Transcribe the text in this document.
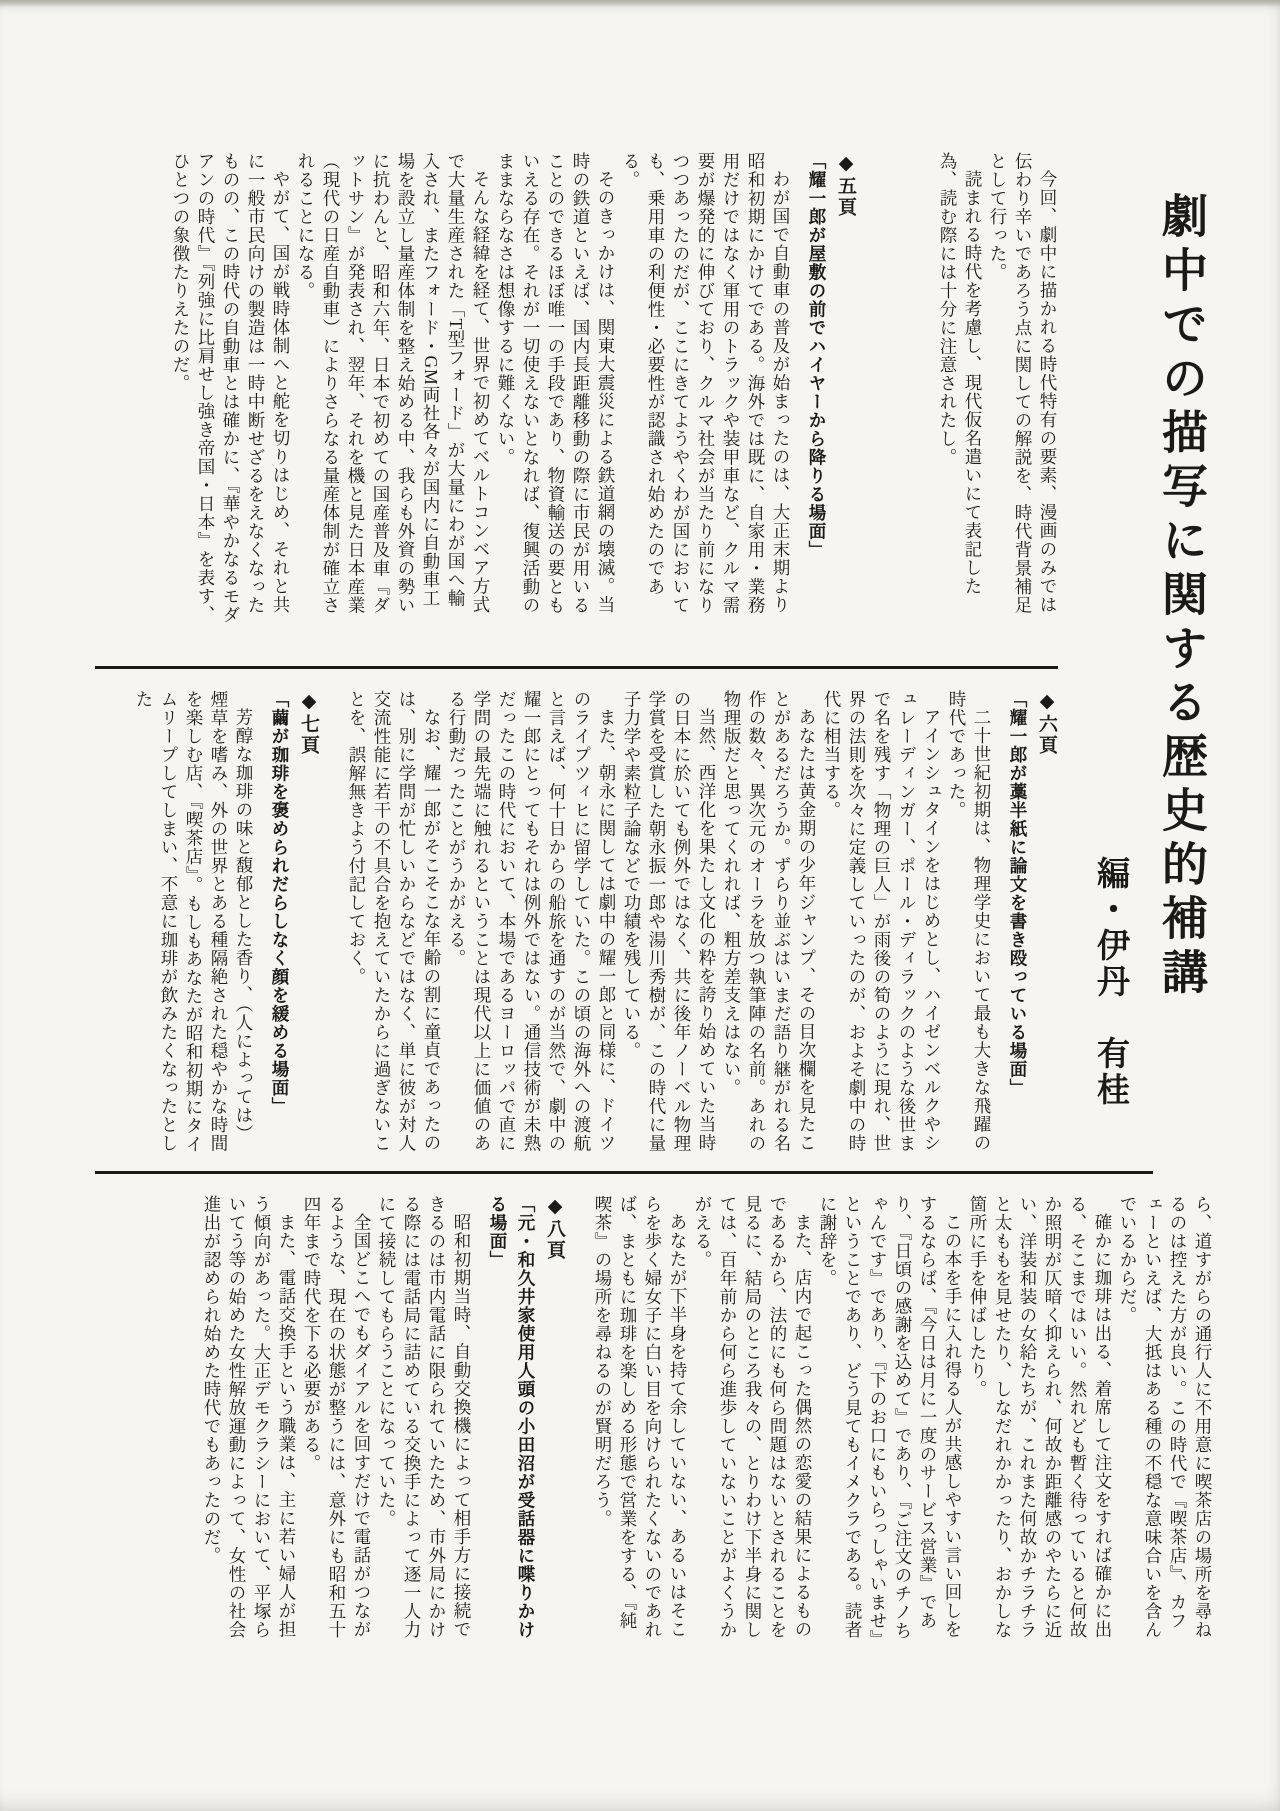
劇中での描写に関する歴史的補講
編・伊丹　有桂

今回、劇中に描かれる時代特有の要素、漫画のみでは伝わり辛いであろう点に関しての解説を、時代背景補足として行った。

読まれる時代を考慮し、現代仮名遣いにて表記した為、読む際には十分に注意されたし。

◆五頁
「耀一郎が屋敷の前でハイヤーから降りる場面」

わが国で自動車の普及が始まったのは、大正末期より昭和初期にかけてである。海外では既に、自家用・業務用だけではなく軍用のトラックや装甲車など、クルマ需要が爆発的に伸びており、クルマ社会が当たり前になりつつあったのだが、ここにきてようやくわが国においても、乗用車の利便性・必要性が認識され始めたのである。

そのきっかけは、関東大震災による鉄道網の壊滅。当時の鉄道といえば、国内長距離移動の際に市民が用いることのできるほぼ唯一の手段であり、物資輸送の要ともいえる存在。それが一切使えないとなれば、復興活動のままならなさは想像するに難くない。

そんな経緯を経て、世界で初めてベルトコンベア方式で大量生産された「T型フォード」が大量にわが国へ輸入され、またフォード・GM両社各々が国内に自動車工場を設立し量産体制を整え始める中、我らも外資の勢いに抗わんと、昭和六年、日本で初めての国産普及車『ダットサン』が発表され、翌年、それを機と見た日本産業（現代の日産自動車）によりさらなる量産体制が確立されることになる。

やがて、国が戦時体制へと舵を切りはじめ、それと共に一般市民向けの製造は一時中断せざるをえなくなったものの、この時代の自動車とは確かに、『華やかなるモダアンの時代』『列強に比肩せし強き帝国・日本』を表す、ひとつの象徴たりえたのだ。

◆六頁
「耀一郎が藁半紙に論文を書き殴っている場面」

二十世紀初期は、物理学史において最も大きな飛躍の時代であった。

アインシュタインをはじめとし、ハイゼンベルクやシュレーディンガー、ポール・ディラックのような後世まで名を残す「物理の巨人」が雨後の筍のように現れ、世界の法則を次々に定義していったのが、およそ劇中の時代に相当する。

あなたは黄金期の少年ジャンプ、その目次欄を見たことがあるだろうか。ずらり並ぶはいまだ語り継がれる名作の数々、異次元のオーラを放つ執筆陣の名前。あれの物理版だと思ってくれれば、粗方差支えはない。

当然、西洋化を果たし文化の粋を誇り始めていた当時の日本に於いても例外ではなく、共に後年ノーベル物理学賞を受賞した朝永振一郎や湯川秀樹が、この時代に量子力学や素粒子論などで功績を残している。

また、朝永に関しては劇中の耀一郎と同様に、ドイツのライプツィヒに留学していた。この頃の海外への渡航と言えば、何十日からの船旅を通すのが当然で、劇中の耀一郎にとってもそれは例外ではない。通信技術が未熟だったこの時代において、本場であるヨーロッパで直に学問の最先端に触れるということは現代以上に価値のある行動だったことがうかがえる。

なお、耀一郎がそこそこな年齢の割に童貞であったのは、別に学問が忙しいからなどではなく、単に彼が対人交流性能に若干の不具合を抱えていたからに過ぎないことを、誤解無きよう付記しておく。

◆七頁
「繭が珈琲を褒められだらしなく顔を緩める場面」

芳醇な珈琲の味と馥郁とした香り、（人によっては）煙草を嗜み、外の世界とある種隔絶された穏やかな時間を楽しむ店、『喫茶店』。もしもあなたが昭和初期にタイムリープしてしまい、不意に珈琲が飲みたくなったとした

ら、道すがらの通行人に不用意に喫茶店の場所を尋ねるのは控えた方が良い。この時代で『喫茶店』、カフェーといえば、大抵はある種の不穏な意味合いを含んでいるからだ。

確かに珈琲は出る、着席して注文をすれば確かに出る、そこまではいい。然れども暫く待っていると何故か照明が仄暗く抑えられ、何故か距離感のやたらに近い、洋装和装の女給たちが、これまた何故かチラチラと太ももを見せたり、しなだれかかったり、おかしな箇所に手を伸ばしたり。

この本を手に入れ得る人が共感しやすい言い回しをするならば、『今日は月に一度のサービス営業』であり、『日頃の感謝を込めて』であり、『ご注文のチノちゃんです』であり、『下のお口にもいらっしゃいませ』ということであり、どう見てもイメクラである。読者に謝辞を。

また、店内で起こった偶然の恋愛の結果によるものであるから、法的にも何ら問題はないとされることを見るに、結局のところ我々の、とりわけ下半身に関しては、百年前から何ら進歩していないことがよくうかがえる。

あなたが下半身を持て余していない、あるいはそこらを歩く婦女子に白い目を向けられたくないのであれば、まともに珈琲を楽しめる形態で営業をする、『純喫茶』の場所を尋ねるのが賢明だろう。

◆八頁
「元・和久井家使用人頭の小田沼が受話器に喋りかける場面」

昭和初期当時、自動交換機によって相手方に接続できるのは市内電話に限られていたため、市外局にかける際には電話局に詰めている交換手によって逐一人力にて接続してもらうことになっていた。

全国どこへでもダイアルを回すだけで電話がつながるような、現在の状態が整うには、意外にも昭和五十四年まで時代を下る必要がある。

また、電話交換手という職業は、主に若い婦人が担う傾向があった。大正デモクラシーにおいて、平塚らいてう等の始めた女性解放運動によって、女性の社会進出が認められ始めた時代でもあったのだ。
